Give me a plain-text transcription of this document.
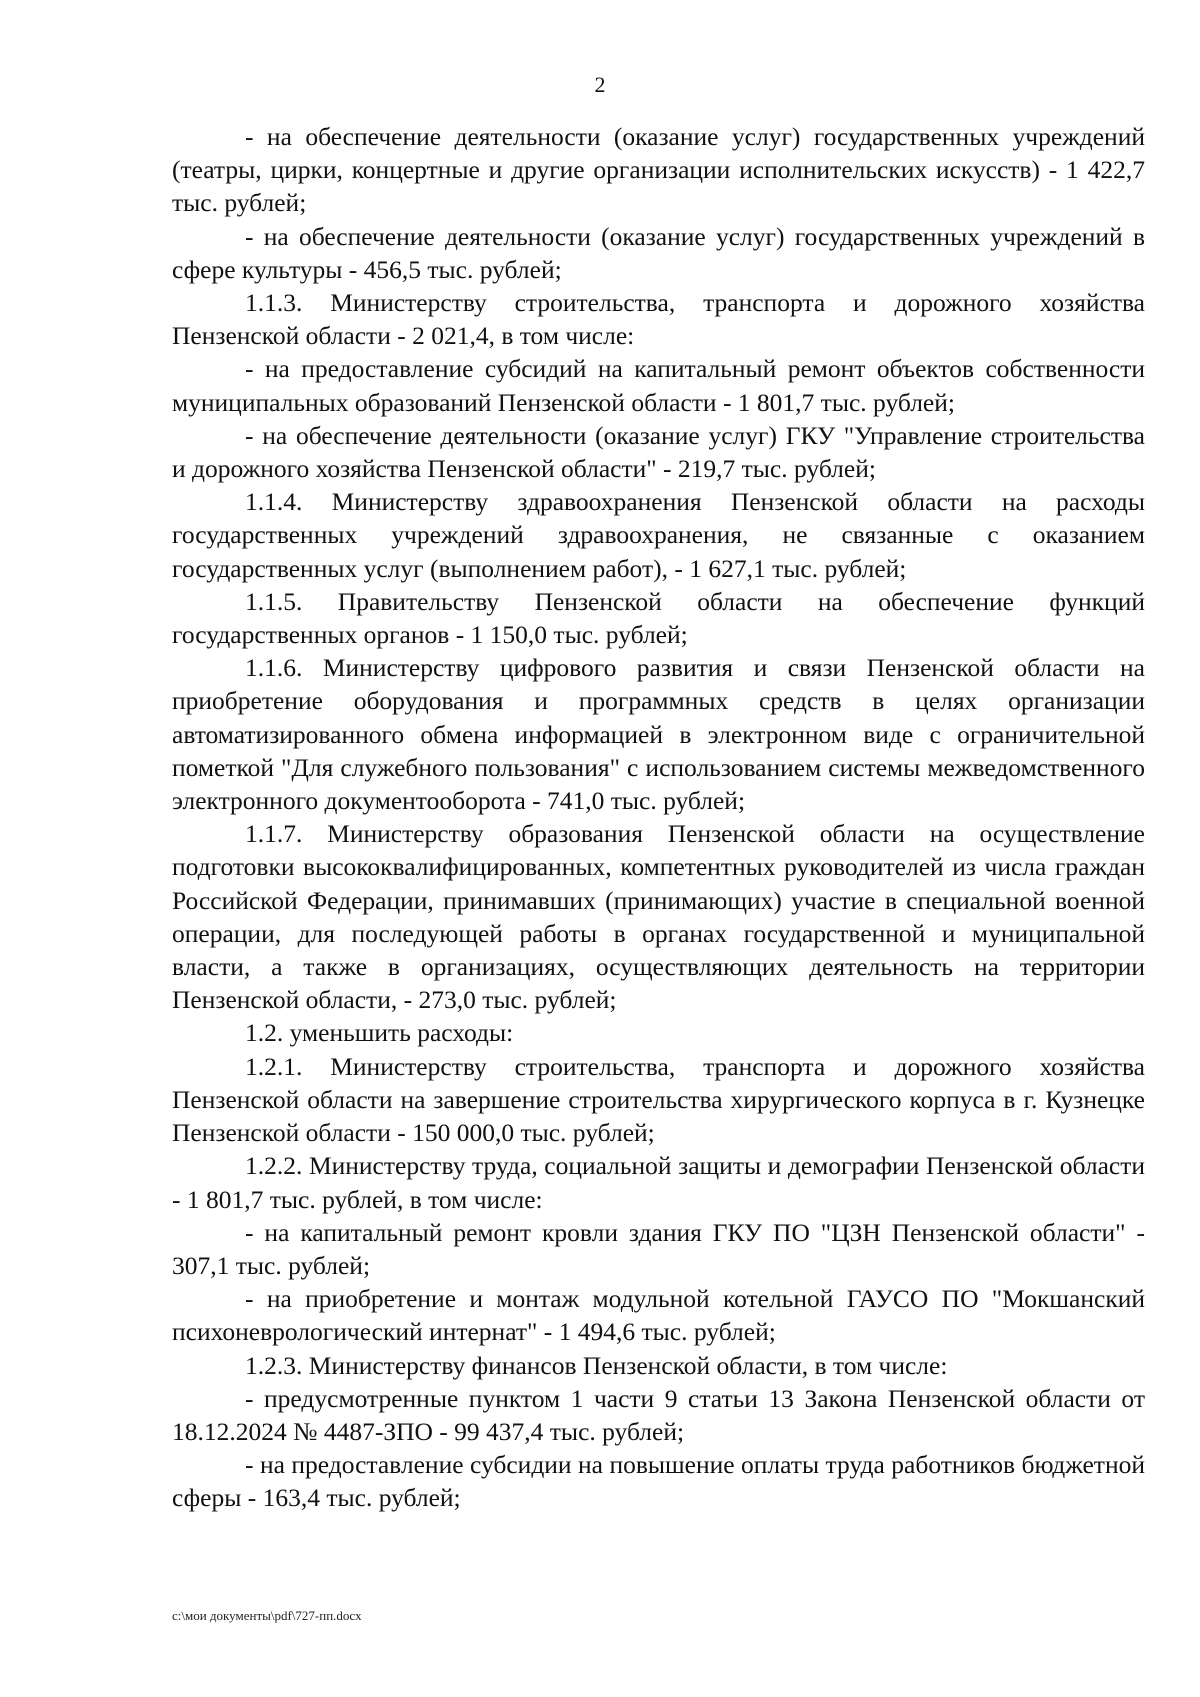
2

- на обеспечение деятельности (оказание услуг) государственных учреждений (театры, цирки, концертные и другие организации исполнительских искусств) - 1 422,7 тыс. рублей;

- на обеспечение деятельности (оказание услуг) государственных учреждений в сфере культуры - 456,5 тыс. рублей;

1.1.3. Министерству строительства, транспорта и дорожного хозяйства Пензенской области - 2 021,4, в том числе:

- на предоставление субсидий на капитальный ремонт объектов собственности муниципальных образований Пензенской области - 1 801,7 тыс. рублей;

- на обеспечение деятельности (оказание услуг) ГКУ "Управление строительства и дорожного хозяйства Пензенской области" - 219,7 тыс. рублей;

1.1.4. Министерству здравоохранения Пензенской области на расходы государственных учреждений здравоохранения, не связанные с оказанием государственных услуг (выполнением работ), - 1 627,1 тыс. рублей;

1.1.5. Правительству Пензенской области на обеспечение функций государственных органов - 1 150,0 тыс. рублей;

1.1.6. Министерству цифрового развития и связи Пензенской области на приобретение оборудования и программных средств в целях организации автоматизированного обмена информацией в электронном виде с ограничительной пометкой "Для служебного пользования" с использованием системы межведомственного электронного документооборота - 741,0 тыс. рублей;

1.1.7. Министерству образования Пензенской области на осуществление подготовки высококвалифицированных, компетентных руководителей из числа граждан Российской Федерации, принимавших (принимающих) участие в специальной военной операции, для последующей работы в органах государственной и муниципальной власти, а также в организациях, осуществляющих деятельность на территории Пензенской области, - 273,0 тыс. рублей;

1.2. уменьшить расходы:

1.2.1. Министерству строительства, транспорта и дорожного хозяйства Пензенской области на завершение строительства хирургического корпуса в г. Кузнецке Пензенской области - 150 000,0 тыс. рублей;

1.2.2. Министерству труда, социальной защиты и демографии Пензенской области - 1 801,7 тыс. рублей, в том числе:

- на капитальный ремонт кровли здания ГКУ ПО "ЦЗН Пензенской области" - 307,1 тыс. рублей;

- на приобретение и монтаж модульной котельной ГАУСО ПО "Мокшанский психоневрологический интернат" - 1 494,6 тыс. рублей;

1.2.3. Министерству финансов Пензенской области, в том числе:

- предусмотренные пунктом 1 части 9 статьи 13 Закона Пензенской области от 18.12.2024 № 4487-ЗПО - 99 437,4 тыс. рублей;

- на предоставление субсидии на повышение оплаты труда работников бюджетной сферы - 163,4 тыс. рублей;

c:\мои документы\pdf\727-пп.docx
